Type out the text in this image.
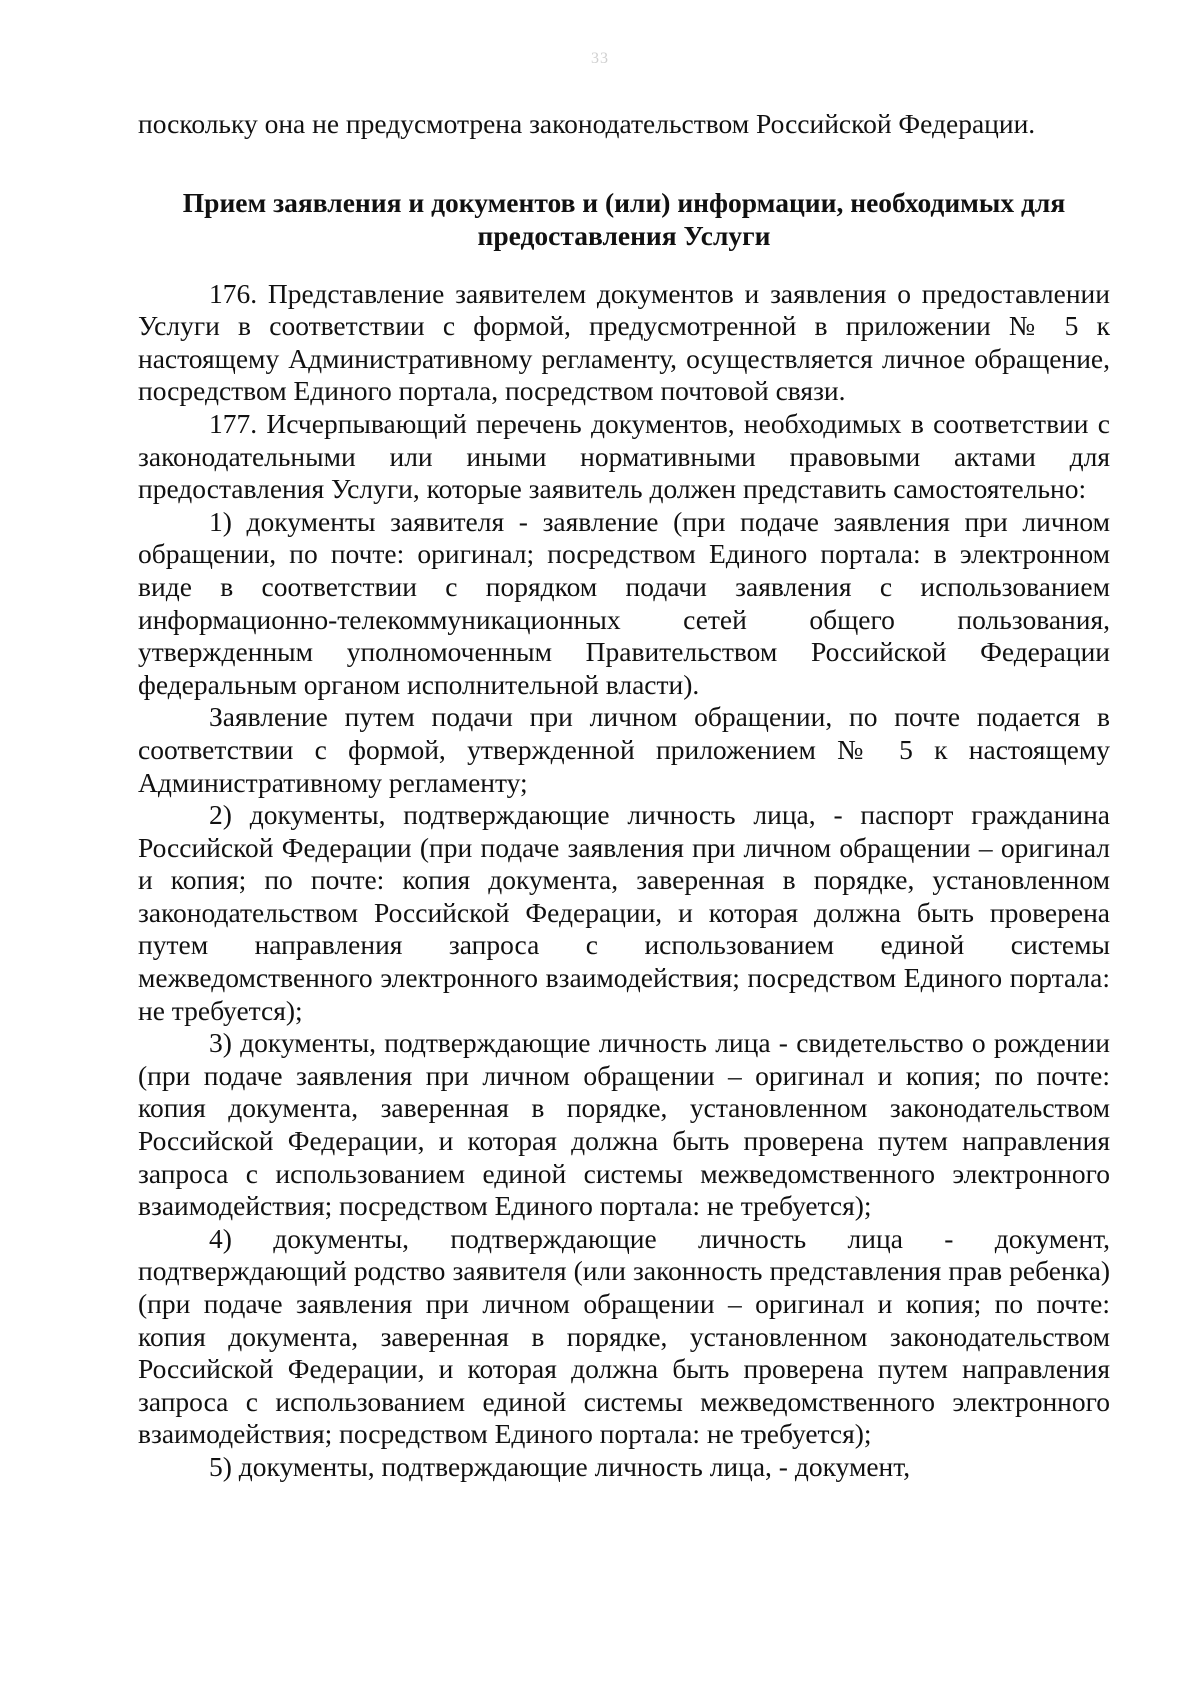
33

поскольку она не предусмотрена законодательством Российской Федерации.

Прием заявления и документов и (или) информации, необходимых для предоставления Услуги

176. Представление заявителем документов и заявления о предоставлении Услуги в соответствии с формой, предусмотренной в приложении № 5 к настоящему Административному регламенту, осуществляется личное обращение, посредством Единого портала, посредством почтовой связи.

177. Исчерпывающий перечень документов, необходимых в соответствии с законодательными или иными нормативными правовыми актами для предоставления Услуги, которые заявитель должен представить самостоятельно:

1) документы заявителя - заявление (при подаче заявления при личном обращении, по почте: оригинал; посредством Единого портала: в электронном виде в соответствии с порядком подачи заявления с использованием информационно-телекоммуникационных сетей общего пользования, утвержденным уполномоченным Правительством Российской Федерации федеральным органом исполнительной власти).

Заявление путем подачи при личном обращении, по почте подается в соответствии с формой, утвержденной приложением № 5 к настоящему Административному регламенту;

2) документы, подтверждающие личность лица, - паспорт гражданина Российской Федерации (при подаче заявления при личном обращении – оригинал и копия; по почте: копия документа, заверенная в порядке, установленном законодательством Российской Федерации, и которая должна быть проверена путем направления запроса с использованием единой системы межведомственного электронного взаимодействия; посредством Единого портала: не требуется);

3) документы, подтверждающие личность лица - свидетельство о рождении (при подаче заявления при личном обращении – оригинал и копия; по почте: копия документа, заверенная в порядке, установленном законодательством Российской Федерации, и которая должна быть проверена путем направления запроса с использованием единой системы межведомственного электронного взаимодействия; посредством Единого портала: не требуется);

4) документы, подтверждающие личность лица - документ, подтверждающий родство заявителя (или законность представления прав ребенка) (при подаче заявления при личном обращении – оригинал и копия; по почте: копия документа, заверенная в порядке, установленном законодательством Российской Федерации, и которая должна быть проверена путем направления запроса с использованием единой системы межведомственного электронного взаимодействия; посредством Единого портала: не требуется);

5) документы, подтверждающие личность лица, - документ,
